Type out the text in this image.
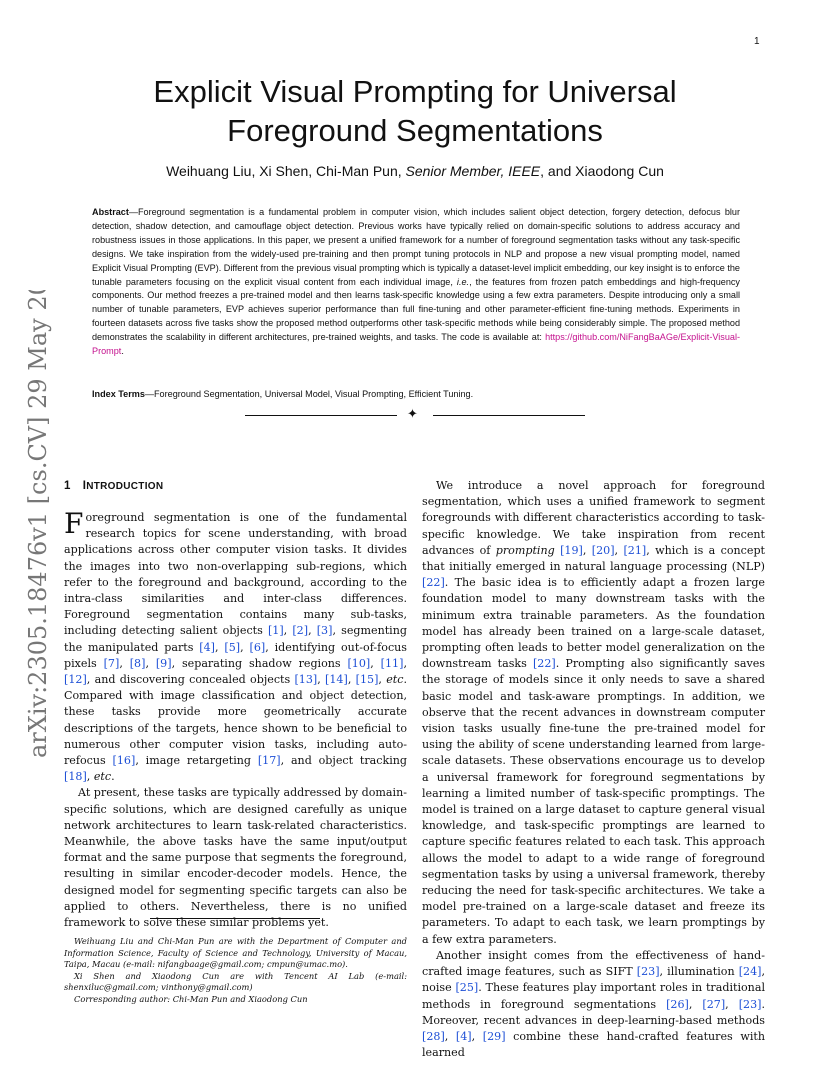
1
arXiv:2305.18476v1 [cs.CV] 29 May 2023
Explicit Visual Prompting for Universal
Foreground Segmentations
Weihuang Liu, Xi Shen, Chi-Man Pun, Senior Member, IEEE, and Xiaodong Cun
Abstract—Foreground segmentation is a fundamental problem in computer vision, which includes salient object detection, forgery detection, defocus blur detection, shadow detection, and camouflage object detection. Previous works have typically relied on domain-specific solutions to address accuracy and robustness issues in those applications. In this paper, we present a unified framework for a number of foreground segmentation tasks without any task-specific designs. We take inspiration from the widely-used pre-training and then prompt tuning protocols in NLP and propose a new visual prompting model, named Explicit Visual Prompting (EVP). Different from the previous visual prompting which is typically a dataset-level implicit embedding, our key insight is to enforce the tunable parameters focusing on the explicit visual content from each individual image, i.e., the features from frozen patch embeddings and high-frequency components. Our method freezes a pre-trained model and then learns task-specific knowledge using a few extra parameters. Despite introducing only a small number of tunable parameters, EVP achieves superior performance than full fine-tuning and other parameter-efficient fine-tuning methods. Experiments in fourteen datasets across five tasks show the proposed method outperforms other task-specific methods while being considerably simple. The proposed method demonstrates the scalability in different architectures, pre-trained weights, and tasks. The code is available at: https://github.com/NiFangBaAGe/Explicit-Visual-Prompt.
Index Terms—Foreground Segmentation, Universal Model, Visual Prompting, Efficient Tuning.
✦
1 INTRODUCTION

Foreground segmentation is one of the fundamental research topics for scene understanding, with broad applications across other computer vision tasks. It divides the images into two non-overlapping sub-regions, which refer to the foreground and background, according to the intra-class similarities and inter-class differences. Foreground segmentation contains many sub-tasks, including detecting salient objects [1], [2], [3], segmenting the manipulated parts [4], [5], [6], identifying out-of-focus pixels [7], [8], [9], separating shadow regions [10], [11], [12], and discovering concealed objects [13], [14], [15], etc. Compared with image classification and object detection, these tasks provide more geometrically accurate descriptions of the targets, hence shown to be beneficial to numerous other computer vision tasks, including auto-refocus [16], image retargeting [17], and object tracking [18], etc.

At present, these tasks are typically addressed by domain-specific solutions, which are designed carefully as unique network architectures to learn task-related characteristics. Meanwhile, the above tasks have the same input/output format and the same purpose that segments the foreground, resulting in similar encoder-decoder models. Hence, the designed model for segmenting specific targets can also be applied to others. Nevertheless, there is no unified framework to solve these similar problems yet.

Weihuang Liu and Chi-Man Pun are with the Department of Computer and Information Science, Faculty of Science and Technology, University of Macau, Taipa, Macau (e-mail: nifangbaage@gmail.com; cmpun@umac.mo).

Xi Shen and Xiaodong Cun are with Tencent AI Lab (e-mail: shenxiluc@gmail.com; vinthony@gmail.com)

Corresponding author: Chi-Man Pun and Xiaodong Cun

We introduce a novel approach for foreground segmentation, which uses a unified framework to segment foregrounds with different characteristics according to task-specific knowledge. We take inspiration from recent advances of prompting [19], [20], [21], which is a concept that initially emerged in natural language processing (NLP) [22]. The basic idea is to efficiently adapt a frozen large foundation model to many downstream tasks with the minimum extra trainable parameters. As the foundation model has already been trained on a large-scale dataset, prompting often leads to better model generalization on the downstream tasks [22]. Prompting also significantly saves the storage of models since it only needs to save a shared basic model and task-aware promptings. In addition, we observe that the recent advances in downstream computer vision tasks usually fine-tune the pre-trained model for using the ability of scene understanding learned from large-scale datasets. These observations encourage us to develop a universal framework for foreground segmentations by learning a limited number of task-specific promptings. The model is trained on a large dataset to capture general visual knowledge, and task-specific promptings are learned to capture specific features related to each task. This approach allows the model to adapt to a wide range of foreground segmentation tasks by using a universal framework, thereby reducing the need for task-specific architectures. We take a model pre-trained on a large-scale dataset and freeze its parameters. To adapt to each task, we learn promptings by a few extra parameters.

Another insight comes from the effectiveness of hand-crafted image features, such as SIFT [23], illumination [24], noise [25]. These features play important roles in traditional methods in foreground segmentations [26], [27], [23]. Moreover, recent advances in deep-learning-based methods [28], [4], [29] combine these hand-crafted features with learned
